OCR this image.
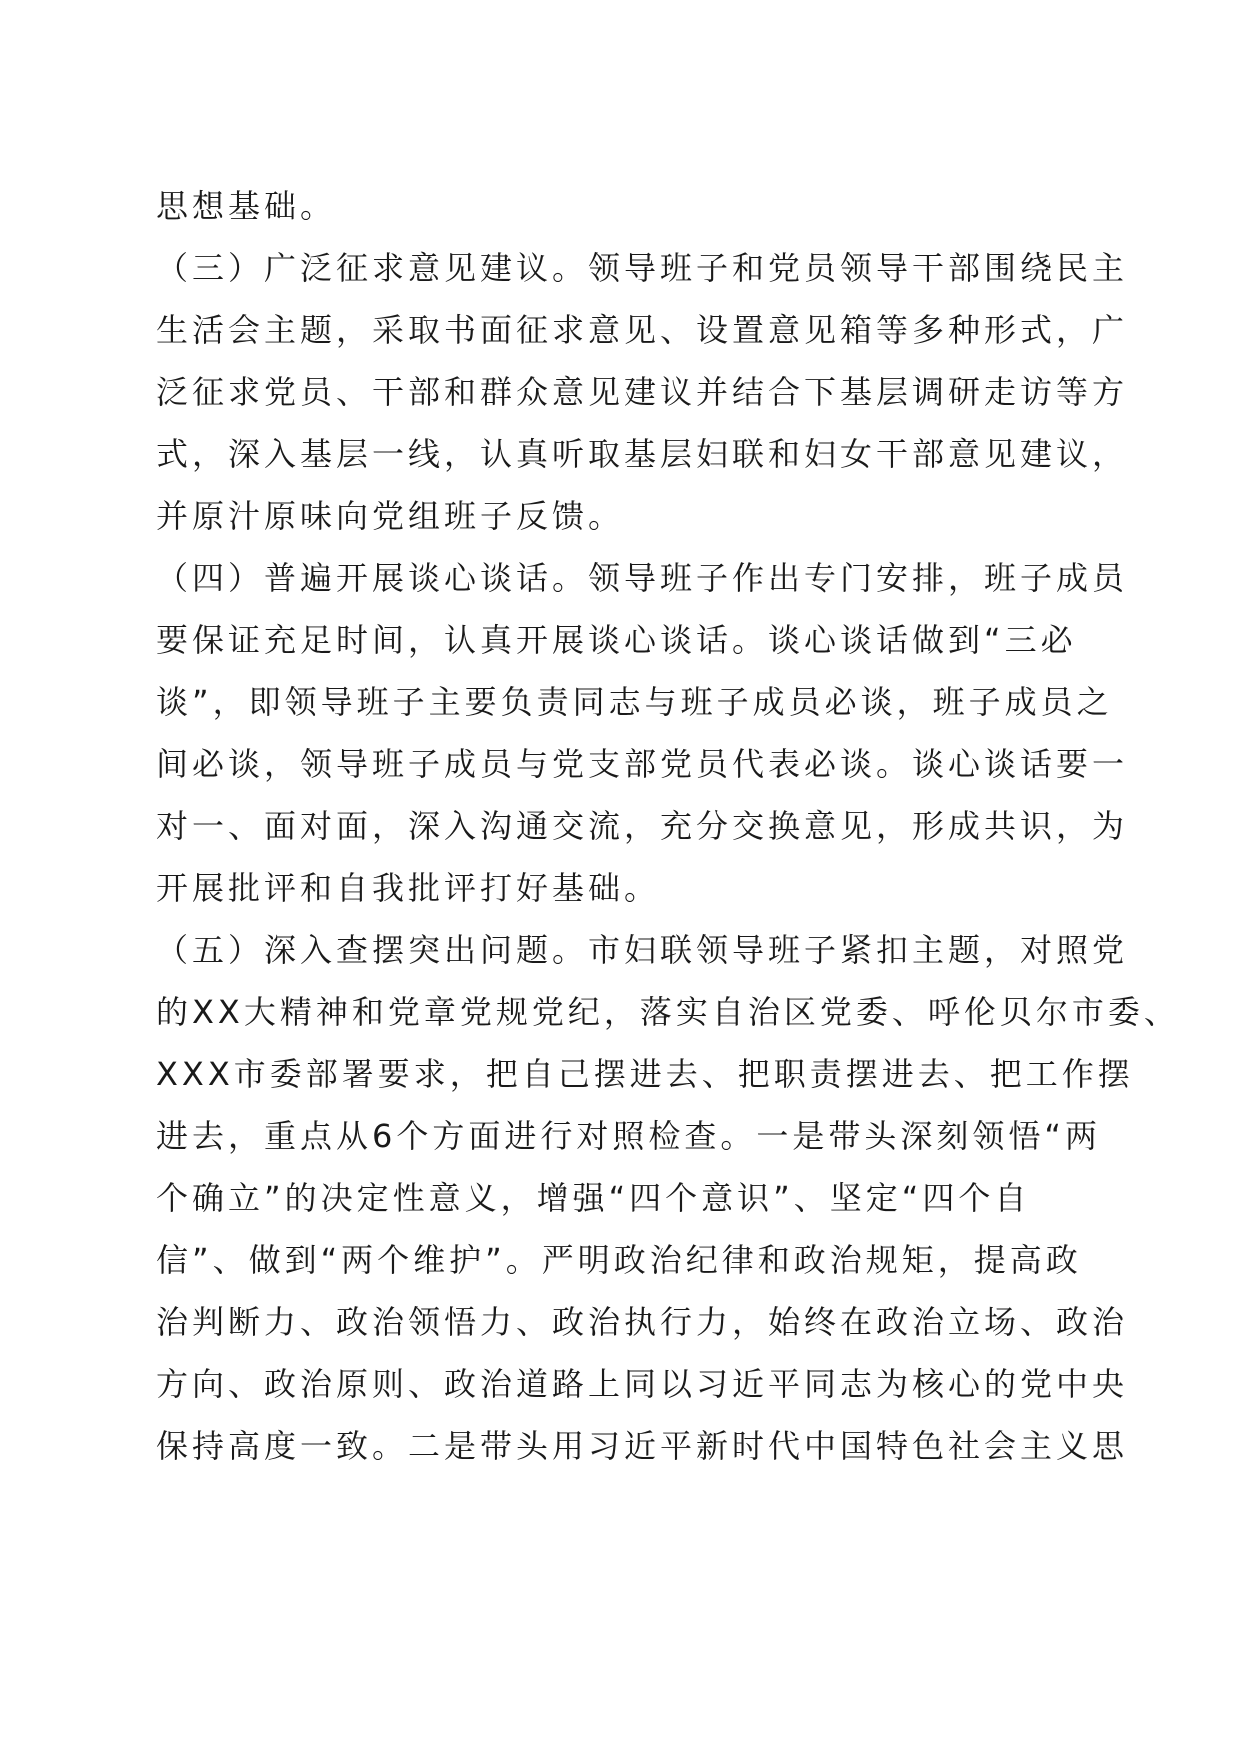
思想基础。
（三）广泛征求意见建议。领导班子和党员领导干部围绕民主
生活会主题，采取书面征求意见、设置意见箱等多种形式，广
泛征求党员、干部和群众意见建议并结合下基层调研走访等方
式，深入基层一线，认真听取基层妇联和妇女干部意见建议，
并原汁原味向党组班子反馈。
（四）普遍开展谈心谈话。领导班子作出专门安排，班子成员
要保证充足时间，认真开展谈心谈话。谈心谈话做到“三必
谈”，即领导班子主要负责同志与班子成员必谈，班子成员之
间必谈，领导班子成员与党支部党员代表必谈。谈心谈话要一
对一、面对面，深入沟通交流，充分交换意见，形成共识，为
开展批评和自我批评打好基础。
（五）深入查摆突出问题。市妇联领导班子紧扣主题，对照党
的XX大精神和党章党规党纪，落实自治区党委、呼伦贝尔市委、
XXX市委部署要求，把自己摆进去、把职责摆进去、把工作摆
进去，重点从6个方面进行对照检查。一是带头深刻领悟“两
个确立”的决定性意义，增强“四个意识”、坚定“四个自
信”、做到“两个维护”。严明政治纪律和政治规矩，提高政
治判断力、政治领悟力、政治执行力，始终在政治立场、政治
方向、政治原则、政治道路上同以习近平同志为核心的党中央
保持高度一致。二是带头用习近平新时代中国特色社会主义思
